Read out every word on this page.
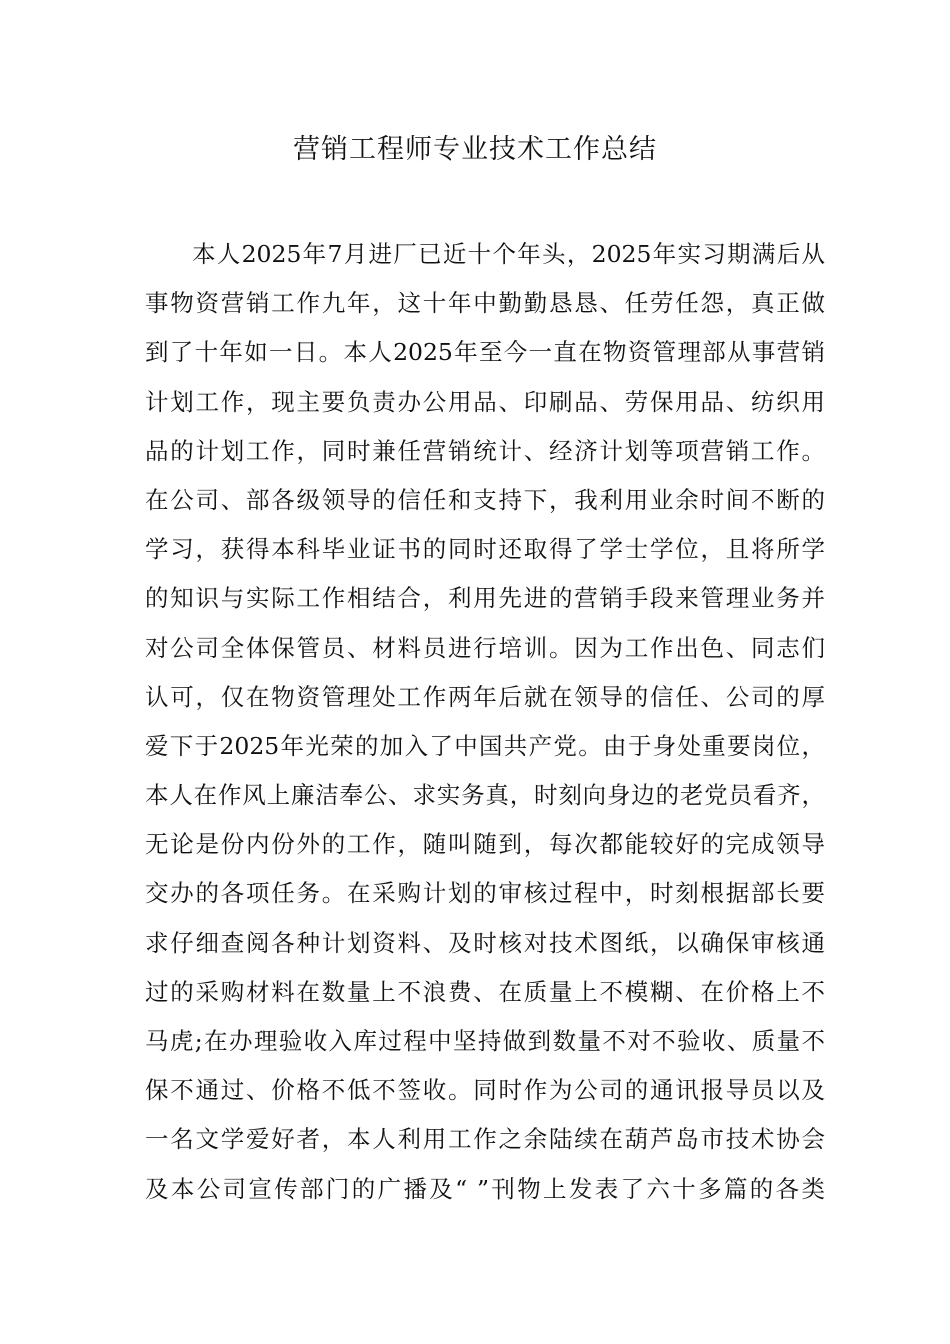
营销工程师专业技术工作总结
本人2025年7月进厂已近十个年头，2025年实习期满后从
事物资营销工作九年，这十年中勤勤恳恳、任劳任怨，真正做
到了十年如一日。本人2025年至今一直在物资管理部从事营销
计划工作，现主要负责办公用品、印刷品、劳保用品、纺织用
品的计划工作，同时兼任营销统计、经济计划等项营销工作。
在公司、部各级领导的信任和支持下，我利用业余时间不断的
学习，获得本科毕业证书的同时还取得了学士学位，且将所学
的知识与实际工作相结合，利用先进的营销手段来管理业务并
对公司全体保管员、材料员进行培训。因为工作出色、同志们
认可，仅在物资管理处工作两年后就在领导的信任、公司的厚
爱下于2025年光荣的加入了中国共产党。由于身处重要岗位，
本人在作风上廉洁奉公、求实务真，时刻向身边的老党员看齐，
无论是份内份外的工作，随叫随到，每次都能较好的完成领导
交办的各项任务。在采购计划的审核过程中，时刻根据部长要
求仔细查阅各种计划资料、及时核对技术图纸，以确保审核通
过的采购材料在数量上不浪费、在质量上不模糊、在价格上不
马虎;在办理验收入库过程中坚持做到数量不对不验收、质量不
保不通过、价格不低不签收。同时作为公司的通讯报导员以及
一名文学爱好者，本人利用工作之余陆续在葫芦岛市技术协会
及本公司宣传部门的广播及“ ”刊物上发表了六十多篇的各类
